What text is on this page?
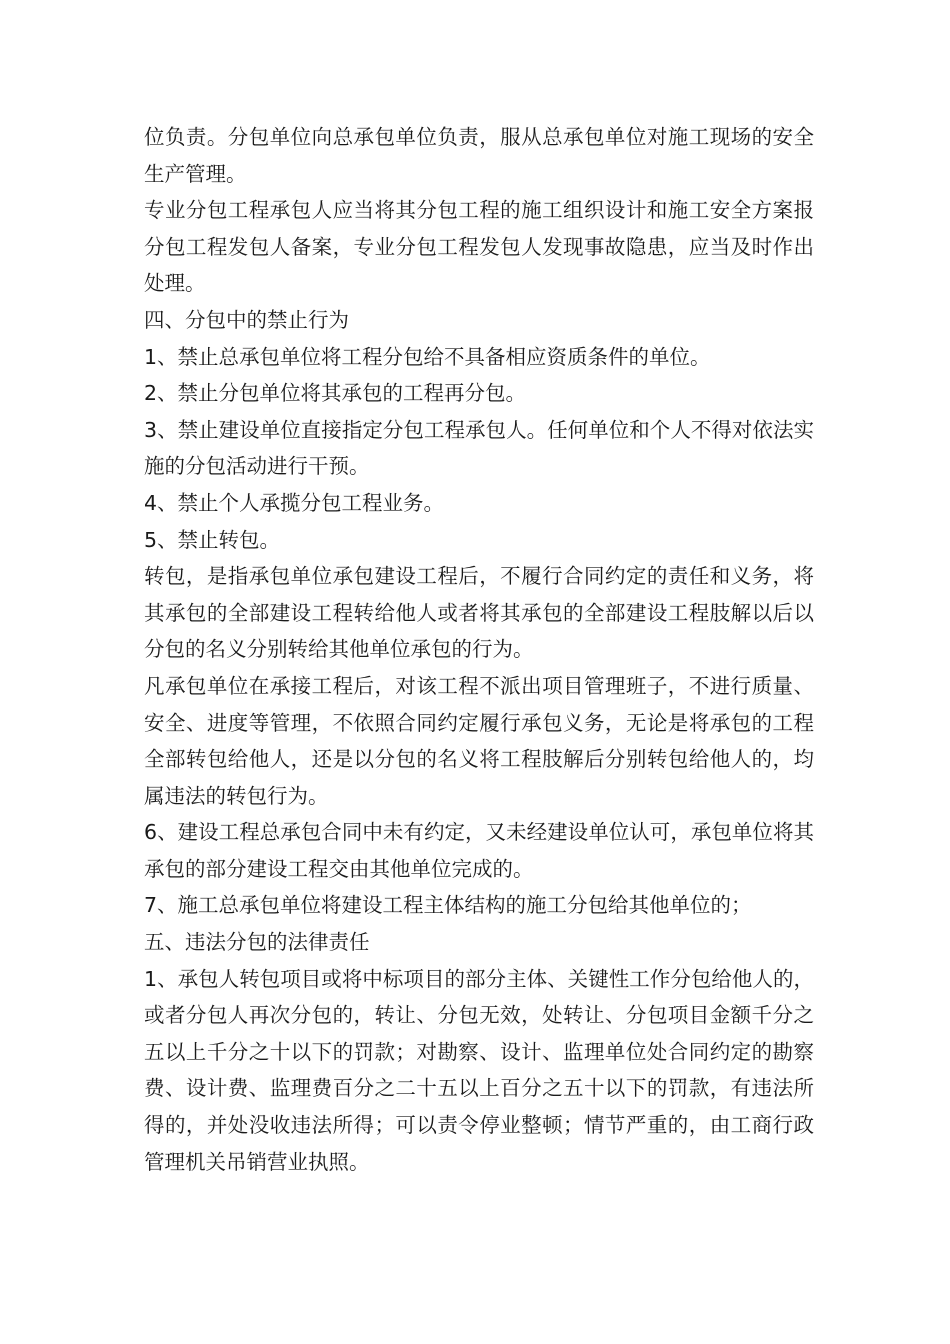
位负责。分包单位向总承包单位负责，服从总承包单位对施工现场的安全生产管理。

专业分包工程承包人应当将其分包工程的施工组织设计和施工安全方案报分包工程发包人备案，专业分包工程发包人发现事故隐患，应当及时作出处理。

四、分包中的禁止行为

1、禁止总承包单位将工程分包给不具备相应资质条件的单位。

2、禁止分包单位将其承包的工程再分包。

3、禁止建设单位直接指定分包工程承包人。任何单位和个人不得对依法实施的分包活动进行干预。

4、禁止个人承揽分包工程业务。

5、禁止转包。

转包，是指承包单位承包建设工程后，不履行合同约定的责任和义务，将其承包的全部建设工程转给他人或者将其承包的全部建设工程肢解以后以分包的名义分别转给其他单位承包的行为。

凡承包单位在承接工程后，对该工程不派出项目管理班子，不进行质量、安全、进度等管理，不依照合同约定履行承包义务，无论是将承包的工程全部转包给他人，还是以分包的名义将工程肢解后分别转包给他人的，均属违法的转包行为。

6、建设工程总承包合同中未有约定，又未经建设单位认可，承包单位将其承包的部分建设工程交由其他单位完成的。

7、施工总承包单位将建设工程主体结构的施工分包给其他单位的；

五、违法分包的法律责任

1、承包人转包项目或将中标项目的部分主体、关键性工作分包给他人的，或者分包人再次分包的，转让、分包无效，处转让、分包项目金额千分之五以上千分之十以下的罚款；对勘察、设计、监理单位处合同约定的勘察费、设计费、监理费百分之二十五以上百分之五十以下的罚款，有违法所得的，并处没收违法所得；可以责令停业整顿；情节严重的，由工商行政管理机关吊销营业执照。
